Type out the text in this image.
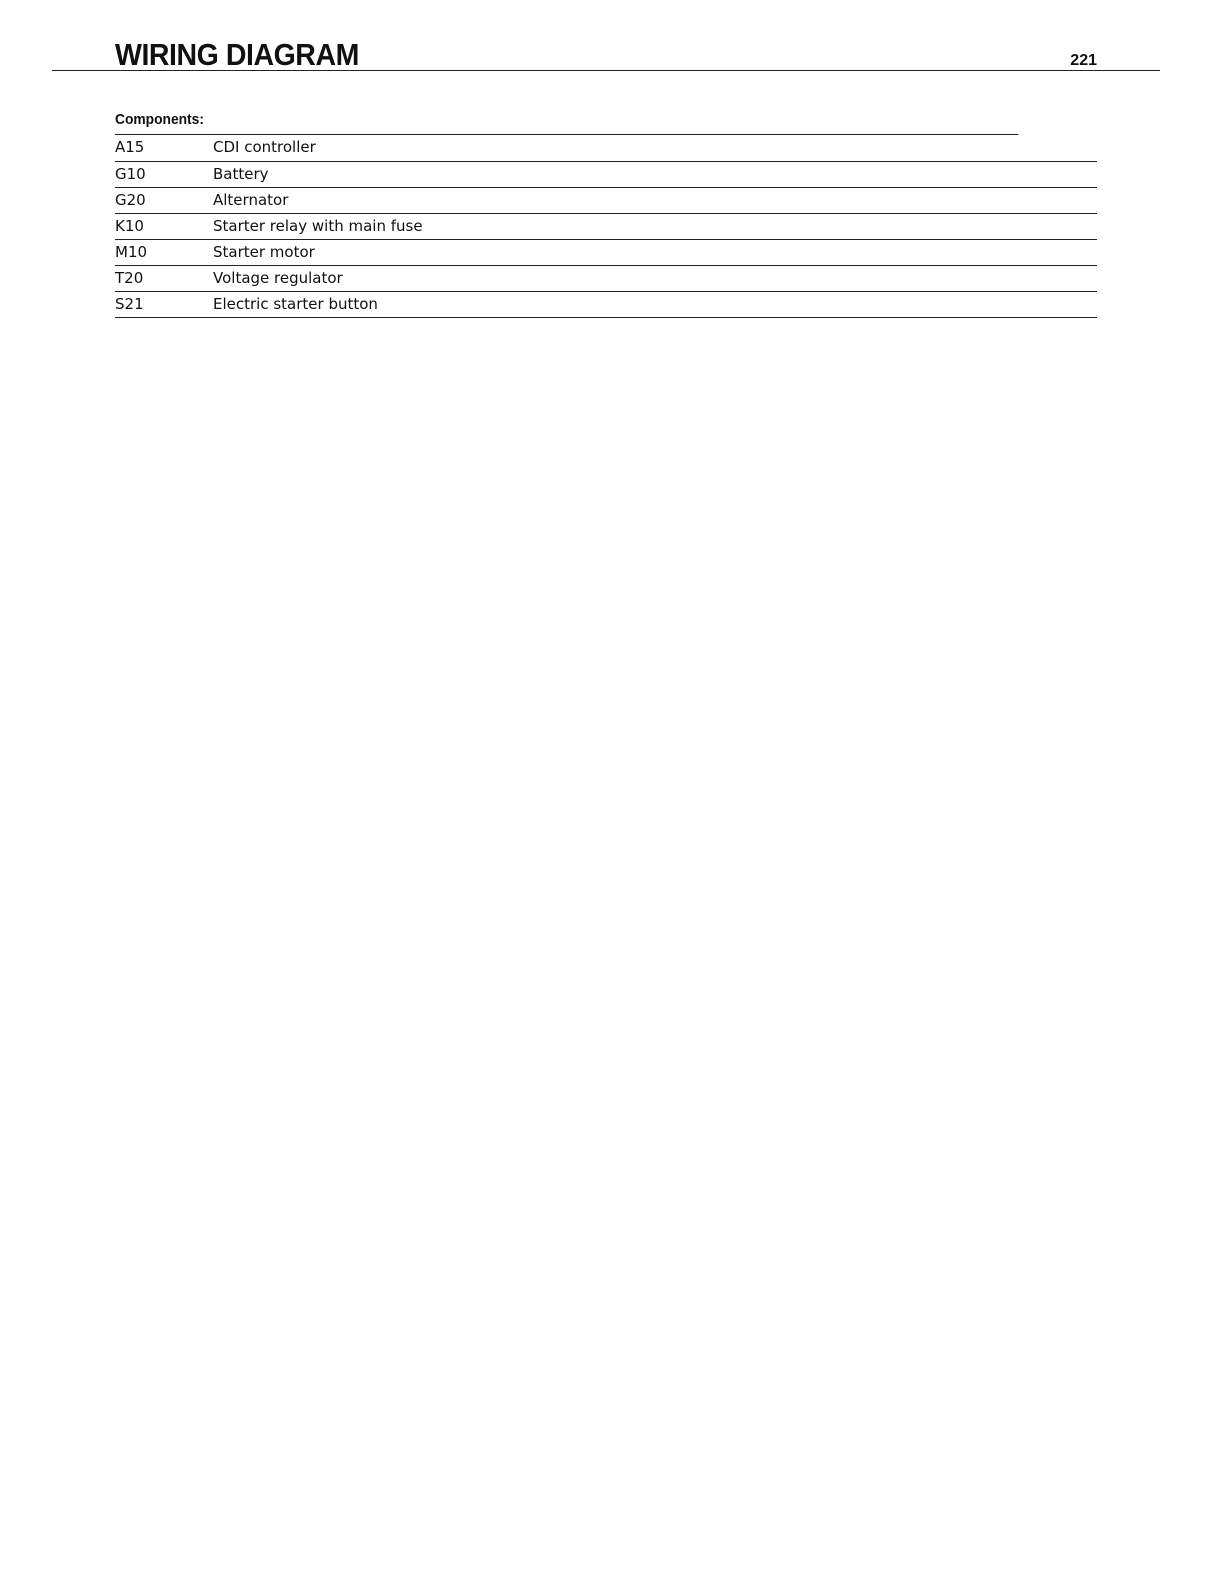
WIRING DIAGRAM	221
Components:
A15	CDI controller
G10	Battery
G20	Alternator
K10	Starter relay with main fuse
M10	Starter motor
T20	Voltage regulator
S21	Electric starter button
